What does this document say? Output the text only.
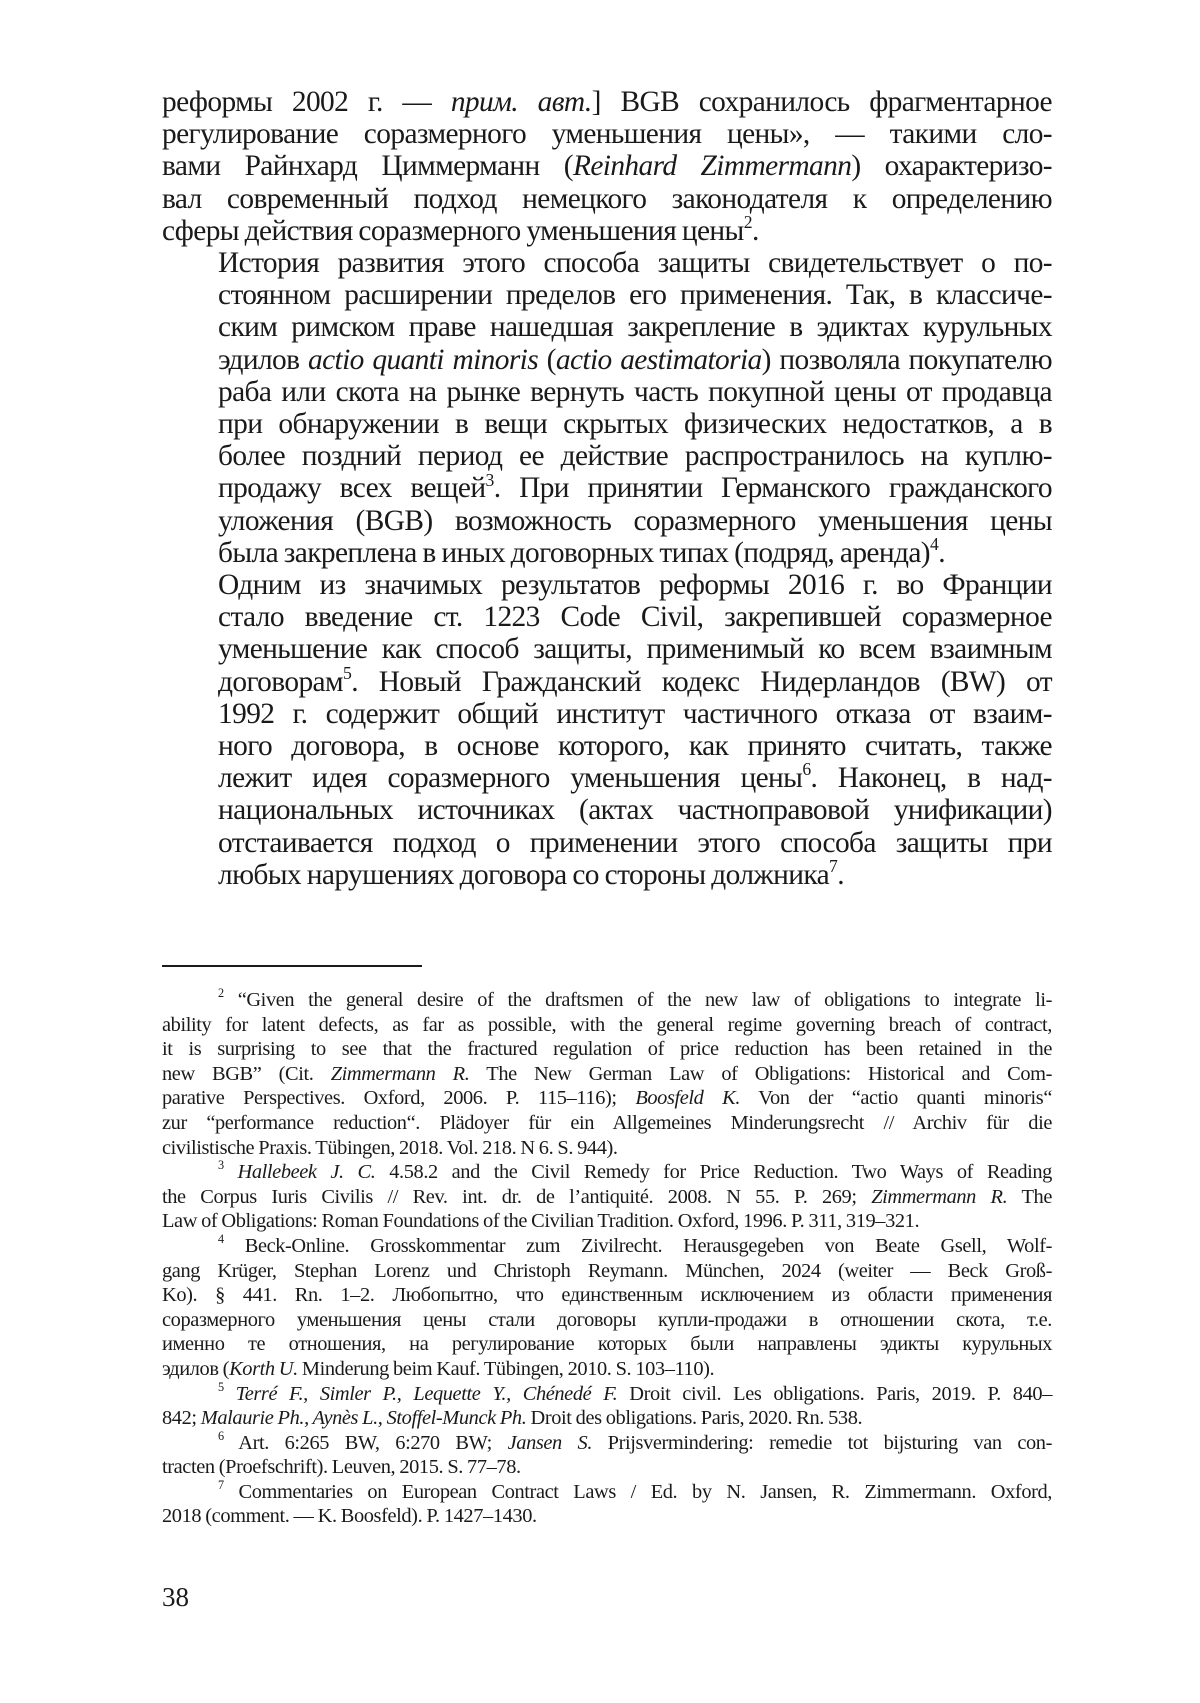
реформы 2002 г. — прим. авт.] BGB сохранилось фрагментарное
регулирование соразмерного уменьшения цены», — такими сло-
вами Райнхард Циммерманн (Reinhard Zimmermann) охарактеризо-
вал современный подход немецкого законодателя к определению
сферы действия соразмерного уменьшения цены$^2$.

История развития этого способа защиты свидетельствует о по-
стоянном расширении пределов его применения. Так, в классиче-
ским римском праве нашедшая закрепление в эдиктах курульных
эдилов actio quanti minoris (actio aestimatoria) позволяла покупателю
раба или скота на рынке вернуть часть покупной цены от продавца
при обнаружении в вещи скрытых физических недостатков, а в
более поздний период ее действие распространилось на куплю-
продажу всех вещей$^3$. При принятии Германского гражданского
уложения (BGB) возможность соразмерного уменьшения цены
была закреплена в иных договорных типах (подряд, аренда)$^4$.

Одним из значимых результатов реформы 2016 г. во Франции
стало введение ст. 1223 Code Civil, закрепившей соразмерное
уменьшение как способ защиты, применимый ко всем взаимным
договорам$^5$. Новый Гражданский кодекс Нидерландов (BW) от
1992 г. содержит общий институт частичного отказа от взаим-
ного договора, в основе которого, как принято считать, также
лежит идея соразмерного уменьшения цены$^6$. Наконец, в над-
национальных источниках (актах частноправовой унификации)
отстаивается подход о применении этого способа защиты при
любых нарушениях договора со стороны должника$^7$.

$^2$ “Given the general desire of the draftsmen of the new law of obligations to integrate li-
ability for latent defects, as far as possible, with the general regime governing breach of contract,
it is surprising to see that the fractured regulation of price reduction has been retained in the
new BGB” (Cit. Zimmermann R. The New German Law of Obligations: Historical and Com-
parative Perspectives. Oxford, 2006. P. 115–116); Boosfeld K. Von der “actio quanti minoris“
zur “performance reduction“. Plädoyer für ein Allgemeines Minderungsrecht // Archiv für die
civilistische Praxis. Tübingen, 2018. Vol. 218. N 6. S. 944).
$^3$ Hallebeek J. C. 4.58.2 and the Civil Remedy for Price Reduction. Two Ways of Reading
the Corpus Iuris Civilis // Rev. int. dr. de l’antiquité. 2008. N 55. P. 269; Zimmermann R. The
Law of Obligations: Roman Foundations of the Civilian Tradition. Oxford, 1996. P. 311, 319–321.
$^4$ Beck-Online. Grosskommentar zum Zivilrecht. Herausgegeben von Beate Gsell, Wolf-
gang Krüger, Stephan Lorenz und Christoph Reymann. München, 2024 (weiter — Beck Groß-
Ko). § 441. Rn. 1–2. Любопытно, что единственным исключением из области применения
соразмерного уменьшения цены стали договоры купли-продажи в отношении скота, т.е.
именно те отношения, на регулирование которых были направлены эдикты курульных
эдилов (Korth U. Minderung beim Kauf. Tübingen, 2010. S. 103–110).
$^5$ Terré F., Simler P., Lequette Y., Chénedé F. Droit civil. Les obligations. Paris, 2019. P. 840–
842; Malaurie Ph., Aynès L., Stoffel-Munck Ph. Droit des obligations. Paris, 2020. Rn. 538.
$^6$ Art. 6:265 BW, 6:270 BW; Jansen S. Prijsvermindering: remedie tot bijsturing van con-
tracten (Proefschrift). Leuven, 2015. S. 77–78.
$^7$ Commentaries on European Contract Laws / Ed. by N. Jansen, R. Zimmermann. Oxford,
2018 (comment. — K. Boosfeld). P. 1427–1430.
38
